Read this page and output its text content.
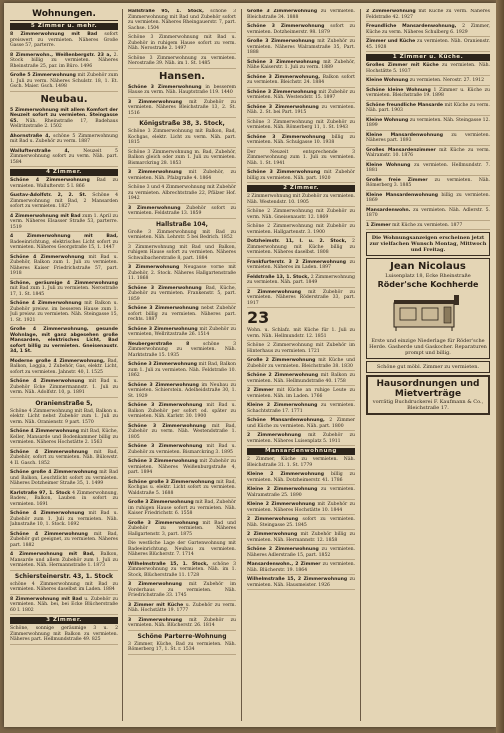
Wohnungen.
5 Zimmer u. mehr.
8 Zimmerwohnung mit Bad sofort preiswert zu vermieten. Näheres Große Gasse 57, parterre.
8 Zimmerwohn., Weißenbergstr. 23 a, 2. Stock billig zu vermieten. Näheres Rheinstraße 25, par. im Büro. 1496
Große 5 Zimmerwohnung mit Zubehör zum 1. Juli zu verm. Näheres Schulstr. 18, 1. Et. Gsch. Maier. Gsch. 1498
Neubau.
5 Zimmerwohnung mit allem Komfort der Neuzeit sofort zu vermieten. Steingasse 65. Näh. Rheinstraße 17, Badehaus Wellritzstraße 2. 1502
Ahornstraße 4, schöne 5 Zimmerwohnung mit Bad u. Zubehör zu verm. 1887
Wallufterstraße 4,	Neuzeit 5 Zimmerwohnung sofort zu verm. Näh. part. 1584
4 Zimmer.
Schöne 4 Zimmerwohnung Bad zu vermieten. Wallufterstr. 5 I. 866
Gustav-Adolfstr. 2, 2. St. Schöne 4 Zimmerwohnung mit Bad, 2 Mansarden sofort zu vermieten. 1827
4 Zimmerwohnung mit Bad zum 1. April zu verm. Näheres Elsasser Straße 53, parterre. 1519
4 Zimmerwohnung mit Bad, Badeeinrichtung, elektrisches Licht sofort zu vermieten. Näheres Georgstraße 15, 1. 1447
Schöne 4 Zimmerwohnung mit Bad u. Zubehör, Balkon zum 1. Juli zu vermieten. Näheres Kaiser Friedrichstraße 57, part. 1918
Schöne, geräumige 4 Zimmerwohnung mit Bad zum 1. Juli zu vermieten. Nerostraße 17, 1. St. 1845
Schöne 4 Zimmerwohnung mit Balkon u. Zubehör preisw. im besseren Hause zum 1. Juli preisw. zu vermieten. Näh. Steingasse 15, 1. St. 1921
Große 4 Zimmerwohnung, gesunde Wohnlage, mit ganz abgesehen große Mansarden, elektrisches Licht, Bad sofort billig zu vermieten. Gneisenaustr. 34, 1 St.
Moderne große 4 Zimmerwohnung, Bad, Balkon, Loggia, 2 Zubehör, Gas, elektr. Licht, sofort zu vermieten. Jahnstr. 40, I. 1525
Schöne 4 Zimmerwohnung mit Bad u. Zubehör Ecke Zimmermannstr. 1. Juli zu verm. Näh. Adolfstr. 10, p. 1891
Oranienstraße 5,
Schöne 4 Zimmerwohnung mit Bad, Balkon u. elektr. Licht nebst Zubehör zum 1. Juli zu verm. Näh. Oranienstr. 9 part. 1570
Schöne 4 Zimmerwohnung mit Bad, Küche, Keller, Mansarde und Bodenkammer billig zu vermieten. Näheres Hochstätte 2. 1563
Schöne 4 Zimmerwohnung mit Bad, Zubehör, sofort zu vermieten. Näh. Bülowstr. 4 II. Gasch. 1852
Schöne große 4 Zimmerwohnung mit Bad und Balkon, Leuchtlicht sofort zu vermieten. Näheres Dotzheimer Straße 35, 1. 1499
Karlstraße 97, 1. Stock 4 Zimmerwohnung, Badew., Balkon, Lauben in sofort zu vermieten. 1691
Schöne 4 Zimmerwohnung mit Bad u. Zubehör zum 1. Juli zu vermieten. Näh. Jahnstraße 10, 1. Stock. 1692
Schöne 4 Zimmerwohnung mit Bad, Zubehör gut geeignet, zu vermieten. Näheres part. 1882
4 Zimmerwohnung mit Bad, Balkon, Mansarde und allem Zubehör zum 1. Juli zu vermieten. Näh. Hermannstraße 1. 1873
Schiersteinerstr. 43, 1. Stock
schöne 4 Zimmerwohnung mit Bad zu vermieten. Näheres daselbst im Laden. 1884
8 Zimmerwohnung mit Bad u. Zubehör zu vermieten. Näh. bei, bei Ecke Blücherstraße 60 I. 1802
3 Zimmer.
Schöne, sonnige geräumige 3 u. 2 Zimmerwohnung mit Balkon zu vermieten. Näheres part. Hellmundstraße 49. 825
Hallstraße 95, 1. Stock, schöne 3 Zimmerwohnung mit Bad und Zubehör sofort zu vermieten. Näheres Rheingauerstr. 7, part. Sachse. 1504
Schöne 3 Zimmerwohnung mit Bad u. Zubehör in ruhigem Hause sofort zu verm. Näh. Nerostraße 2. 1497
Schöne 3 Zimmerwohnung zu vermieten. Nerostraße 39. Näh. im 1. St. 1485
Hansen.
Schöne 3 Zimmerwohnung in besserem Hause zu verm. Näh. Hauptstraße 119. 1440
3 Zimmerwohnung mit Zubehör zu vermieten. Näheres Bleichstraße 13, 2. St. 1516
Königstraße 38, 3. Stock,
Schöne 3 Zimmerwohnung mit Balkon, Bad, Kochgas, elektr. Licht zu verm. Näh. part. 1815
Schöne 3 Zimmerwohnung m. Bad, Zubehör, Balkon gleich oder zum 1. Juli zu vermieten. Bismarckring 28. 1853
3 Zimmerwohnung mit Zubehör, zu vermieten. Näh. Pfalzgraße 4. 1864
Schöne 3 und 4 Zimmerwohnung mit Zubehör zu vermieten. Albrechtstraße 22, Pfälzer Hof. 1942
3 Zimmerwohnung Zubehör sofort zu vermieten. Feldstraße 13. 1859
Hallstraße 104,
Große 3 Zimmerwohnung mit Bad zu vermieten. Näh. Lehrstr. 5 bei Bedrich. 1852
3 Zimmerwohnung mit Bad und Balkon, ruhigem Hause sofort zu vermieten. Näheres Schwalbacherstraße 8, part. 1884
3 Zimmerwohnung Neugasse vorne mit Zubehör, 2. Stock. Näheres Hallgartenstraße 11. 1868
Schöne 3 Zimmerwohnung Bad, Küche, Zubehör zu vermieten. Frankenstr. 5, part. 1859
Schöne 3 Zimmerwohnung nebst Zubehör sofort billig zu vermieten. Näheres part. rechts. 1887
Schöne 3 Zimmerwohnung mit Zubehör zu vermieten, Wellritzstraße 26. 1514
Neubergerstraße 8	schöne 3 Zimmerwohnung zu vermieten. Näh. Marktstraße 15. 1935
Schöne 3 Zimmerwohnung mit Bad, Balkon zum 1. Juli zu vermieten. Näh. Feldstraße 10. 1862
Schöne 3 Zimmerwohnung im Neubau zu vermieten. Schierstein. Adelheidstraße 30, 1. St. 1929
Schöne 3 Zimmerwohnung mit Bad u. Balkon Zubehör per sofort od. später zu vermieten. Näh. Karlstr. 30. 1900
Schöne 3 Zimmerwohnung mit Bad, Zubehör zu verm. Näh. Westendstraße 1. 1805
Schöne 3 Zimmerwohnung mit Bad u. Zubehör zu vermieten. Bismarckring 3. 1895
Schöne 3 Zimmerwohnung mit Zubehör zu vermieten. Näheres Weißenburgstraße 4, part. 1894
Schöne große 3 Zimmerwohnung mit Bad, Kochgas u. elektr. Licht sofort zu vermieten. Waldstraße 5. 1688
Große 3 Zimmerwohnung mit Bad, Zubehör im ruhigen Hause sofort zu vermieten. Näh. Kaiser Friedrichstr. 6. 1558
Große 3 Zimmerwohnung mit Bad und Zubehör zu vermieten. Näheres Hallgartenstr. 3, part. 1875
Die westliche Lage der Gartenwohnung mit Badeeinrichtung. Neubau zu vermieten. Näheres Blücherstr. 7. 1714
Wilhelmstraße 15, 1. Stock, schöne 3 Zimmerwohnung zu vermieten. Näh. im 1. Stock, Blücherstraße 11. 1728
3 Zimmerwohnung mit Zubehör im Vorderhaus zu vermieten. Näh. Friedrichstraße 33. 1745
3 Zimmer mit Küche u. Zubehör zu verm. Näh. Hochstätte 19. 1777
3 Zimmerwohnung mit Zubehör zu vermieten. Näh. Blücherstr. 26. 1814
Schöne Parterre-Wohnung
3 Zimmer, Küche, Bad zu vermieten. Näh. Römerberg 17, 1. St. r. 1534
Große 3 Zimmerwohnung zu vermieten. Bleichstraße 34. 1888
Schöne 3 Zimmerwohnung sofort zu vermieten. Dotzheimerstr. 98. 1879
Große 3 Zimmerwohnung mit Zubehör zu vermieten. Näheres Walramstraße 35, Part. 1888
Schöne 3 Zimmerwohnung mit Zubehör, Nähe Kaiserstr. 1. Juli zu verm. 1889
Schöne 3 Zimmerwohnung, Balkon sofort zu vermieten. Bleichstr. 24. 1884
Schöne 3 Zimmerwohnung mit Zubehör zu vermieten. Näh. Westendstr. 15. 1897
Schöne 3 Zimmerwohnung zu vermieten. Näh. 2. St. bei Part. 1915
Schöne 3 Zimmerwohnung mit Zubehör zu vermieten. Näh. Römerberg 11, 1. St. 1943
Schöne 3 Zimmerwohnung billig zu vermieten. Näh. Schulgasse 10. 1938
Der Neuzeit entsprechende 3 Zimmerwohnung zum 1. Juli zu vermieten. Näh. 1. St. 1941
Schöne 3 Zimmerwohnung mit Zubehör billig zu vermieten. Näh. part. 1920
2 Zimmer.
2 Zimmerwohnung mit Zubehör zu vermieten. Näh. Westendstr. 10. 1905
Schöne 2 Zimmerwohnung mit Zubehör zu verm. Näh. Gneisenaustr. 12. 1869
Schöne 2 Zimmerwohnung mit Zubehör zu vermieten. Hallgartenstr. 3. 1900
Dotzheimstr. 11, I. u. 2. Stock, 2 Zimmerwohnung mit Küche billig zu vermieten. Näheres daselbst. 1808
Frankfurterstr. 3 2 Zimmerwohnung zu vermieten. Näheres im Laden. 1897
Feldstraße 13, 1. Stock, 2 Zimmerwohnung zu vermieten. Näh. part. 1849
2 Zimmerwohnung mit Zubehör zu vermieten. Näheres Röderstraße 33, part. 1917
23
Wohn. u. Schlafz. mit Küche für 1. Juli zu verm. Näh. Hellmundstr. 12. 1851
Schöne 2 Zimmerwohnung mit Zubehör im Hinterhaus zu vermieten. 1721
Große 2 Zimmerwohnung mit Küche und Zubehör zu vermieten. Bleichstraße 38. 1830
Schöne 2 Zimmerwohnung mit Balkon zu vermieten. Näh. Hellmundstraße 40. 1758
2 Zimmer mit Küche an ruhige Leute zu vermieten. Näh. im Laden. 1766
Kleine 2 Zimmerwohnung zu vermieten. Schachtstraße 17. 1771
Schöne Mansardenwohnung, 2 Zimmer und Küche zu vermieten. Näh. part. 1800
2 Zimmerwohnung mit Zubehör zu vermieten. Näheres Luisenplatz 5. 1911
Mansardenwohnung
2 Zimmer, Küche zu vermieten. Näh. Bleichstraße 31. 1. St. 1779
Kleine 2 Zimmerwohnung billig zu vermieten. Näh. Dotzheimerstr. 41. 1786
Kleine 2 Zimmerwohnung zu vermieten. Walramstraße 25. 1890
Kleine 2 Zimmerwohnung mit Zubehör zu vermieten. Näheres Hochstätte 10. 1844
2 Zimmerwohnung sofort zu vermieten. Näh. Steingasse 25. 1845
2 Zimmerwohnung mit Zubehör billig zu vermieten. Näh. Hermannstr. 12. 1858
Schöne 2 Zimmerwohnung zu vermieten. Näheres Adlerstraße 15, part. 1852
Mansardenwohn., 2 Zimmer zu vermieten. Näh. Blücherstr. 19. 1864
Wilhelmstraße 15, 2 Zimmerwohnung zu vermieten. Näh. Hausmeister. 1926
2 Zimmerwohnung mit Küche zu verm. Näheres Feldstraße 42. 1927
Freundliche Mansardenwohnung, 2 Zimmer, Küche zu verm. Näheres Schulberg 6. 1929
Zimmer und Küche zu vermieten. Näh. Oranienstr. 45. 1928
1 Zimmer u. Küche.
Großes Zimmer mit Küche zu vermieten. Näh. Hochstätte 5. 1937
Kleine Wohnung zu vermieten. Nerostr. 27. 1912
Schöne kleine Wohnung 1 Zimmer u. Küche zu vermieten. Bleichstraße 19. 1898
Schöne freundliche Mansarde mit Küche zu verm. Näh. part. 1903
Kleine Wohnung zu vermieten. Näh. Steingasse 12. 1899
Kleine Mansardenwohnung zu vermieten. Näheres part. 1893
Großes Mansardenzimmer mit Küche zu verm. Walramstr. 10. 1876
Kleine Wohnung zu vermieten. Hellmundstr. 7. 1881
Große freie Zimmer zu vermieten. Näh. Römerberg 3. 1885
Kleine Mansardenwohnung billig zu vermieten. 1869
Mansardenwohn. zu vermieten. Näh. Adlerstr. 5. 1870
1 Zimmer mit Küche zu vermieten. 1877
Die Wohnungsanzeigen erscheinen jetzt zur vielfachen Wunsch Montag, Mittwoch und Freitag.
Jean Nicolaus
Luisenplatz 18, Ecke Rheinstraße
Röder'sche Kochherde
Erste und einzige Niederlage für Röder'sche Herde. Gasherde und Gaskocher. Reparaturen prompt und billig.
Schöne gut möbl. Zimmer zu vermieten.
Hausordnungen und Mietverträge
vorrätig Buchdruckerei F. Kaufmann & Co., Bleichstraße 17.
